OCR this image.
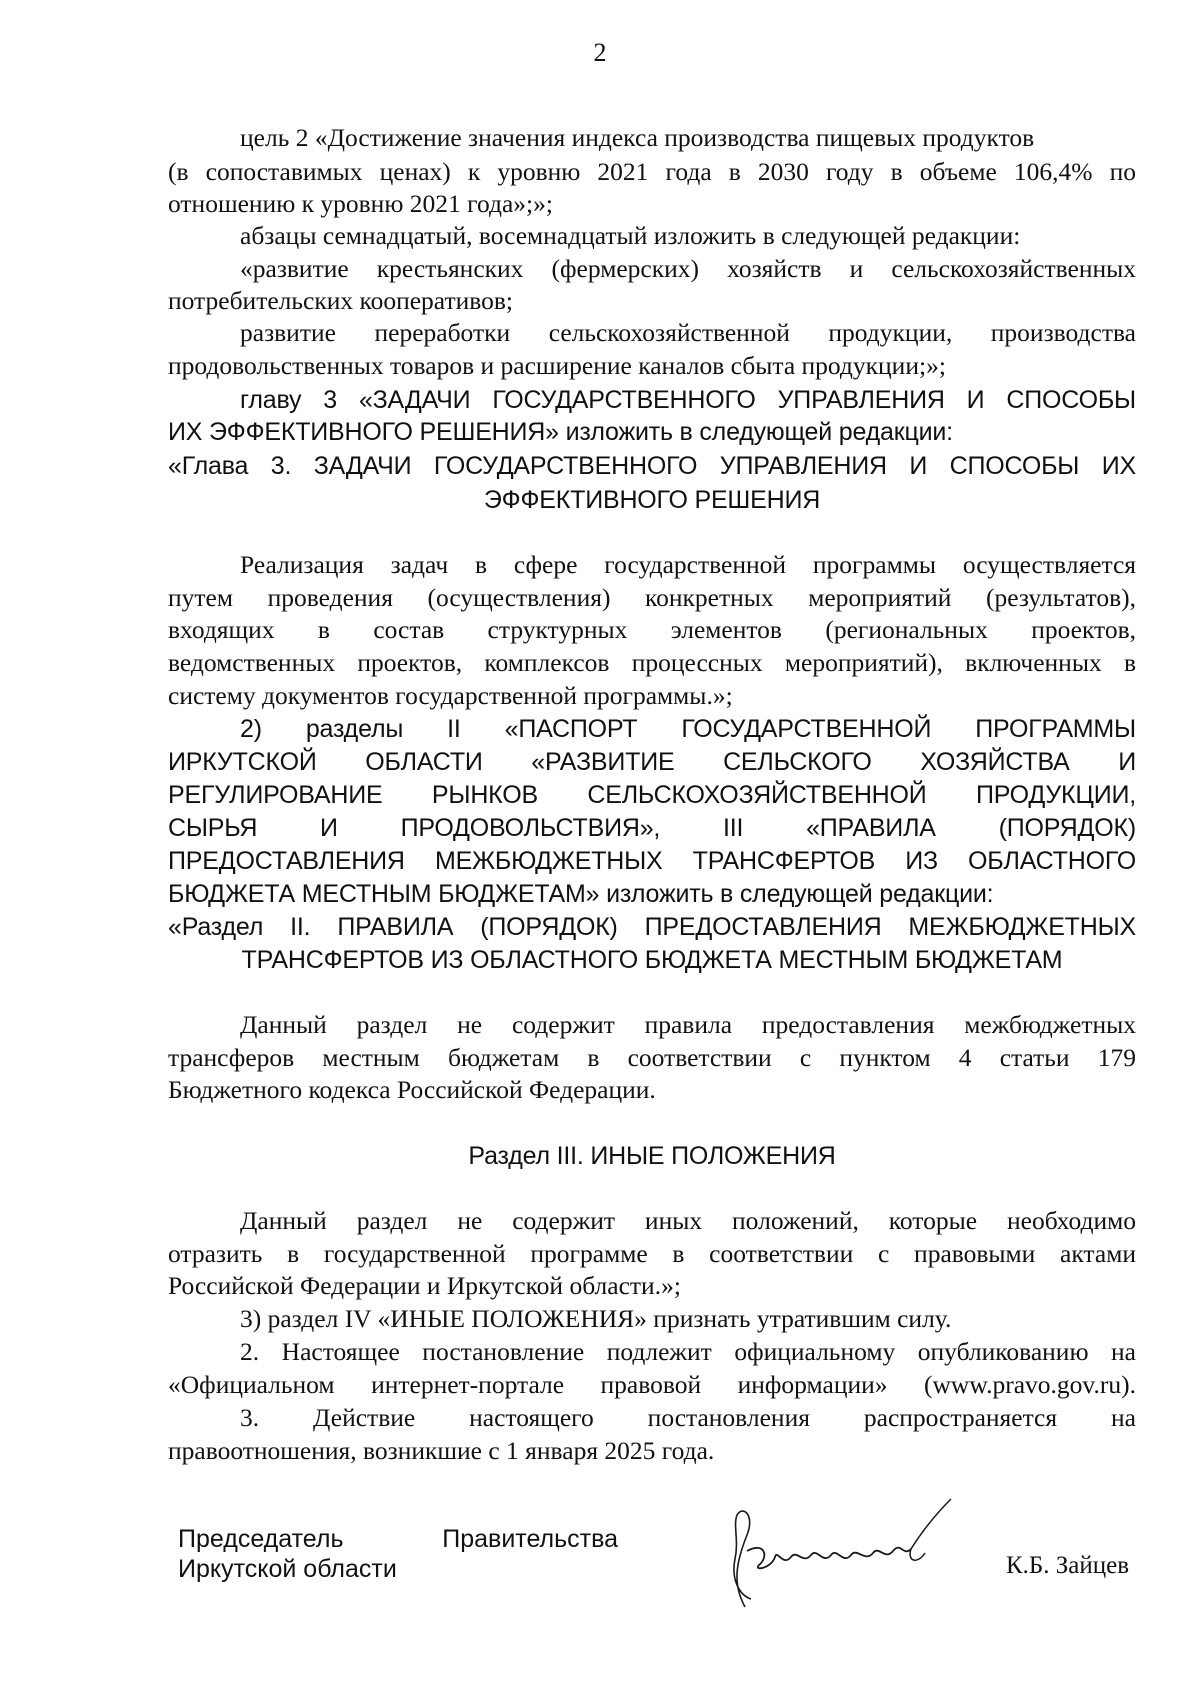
2
цель 2 «Достижение значения индекса производства пищевых продуктов
(в сопоставимых ценах) к уровню 2021 года в 2030 году в объеме 106,4% по
отношению к уровню 2021 года»;»;
абзацы семнадцатый, восемнадцатый изложить в следующей редакции:
«развитие крестьянских (фермерских) хозяйств и сельскохозяйственных
потребительских кооперативов;
развитие переработки сельскохозяйственной продукции, производства
продовольственных товаров и расширение каналов сбыта продукции;»;
главу 3 «ЗАДАЧИ ГОСУДАРСТВЕННОГО УПРАВЛЕНИЯ И СПОСОБЫ
ИХ ЭФФЕКТИВНОГО РЕШЕНИЯ» изложить в следующей редакции:
«Глава 3. ЗАДАЧИ ГОСУДАРСТВЕННОГО УПРАВЛЕНИЯ И СПОСОБЫ ИХ
ЭФФЕКТИВНОГО РЕШЕНИЯ
Реализация задач в сфере государственной программы осуществляется
путем проведения (осуществления) конкретных мероприятий (результатов),
входящих в состав структурных элементов (региональных проектов,
ведомственных проектов, комплексов процессных мероприятий), включенных в
систему документов государственной программы.»;
2) разделы II «ПАСПОРТ ГОСУДАРСТВЕННОЙ ПРОГРАММЫ
ИРКУТСКОЙ ОБЛАСТИ «РАЗВИТИЕ СЕЛЬСКОГО ХОЗЯЙСТВА И
РЕГУЛИРОВАНИЕ РЫНКОВ СЕЛЬСКОХОЗЯЙСТВЕННОЙ ПРОДУКЦИИ,
СЫРЬЯ И ПРОДОВОЛЬСТВИЯ», III «ПРАВИЛА (ПОРЯДОК)
ПРЕДОСТАВЛЕНИЯ МЕЖБЮДЖЕТНЫХ ТРАНСФЕРТОВ ИЗ ОБЛАСТНОГО
БЮДЖЕТА МЕСТНЫМ БЮДЖЕТАМ» изложить в следующей редакции:
«Раздел II. ПРАВИЛА (ПОРЯДОК) ПРЕДОСТАВЛЕНИЯ МЕЖБЮДЖЕТНЫХ
ТРАНСФЕРТОВ ИЗ ОБЛАСТНОГО БЮДЖЕТА МЕСТНЫМ БЮДЖЕТАМ
Данный раздел не содержит правила предоставления межбюджетных
трансферов местным бюджетам в соответствии с пунктом 4 статьи 179
Бюджетного кодекса Российской Федерации.
Раздел III. ИНЫЕ ПОЛОЖЕНИЯ
Данный раздел не содержит иных положений, которые необходимо
отразить в государственной программе в соответствии с правовыми актами
Российской Федерации и Иркутской области.»;
3) раздел IV «ИНЫЕ ПОЛОЖЕНИЯ» признать утратившим силу.
2. Настоящее постановление подлежит официальному опубликованию на
«Официальном интернет-портале правовой информации» (www.pravo.gov.ru).
3. Действие настоящего постановления распространяется на
правоотношения, возникшие с 1 января 2025 года.
Председатель	Правительства
Иркутской области	К.Б. Зайцев
